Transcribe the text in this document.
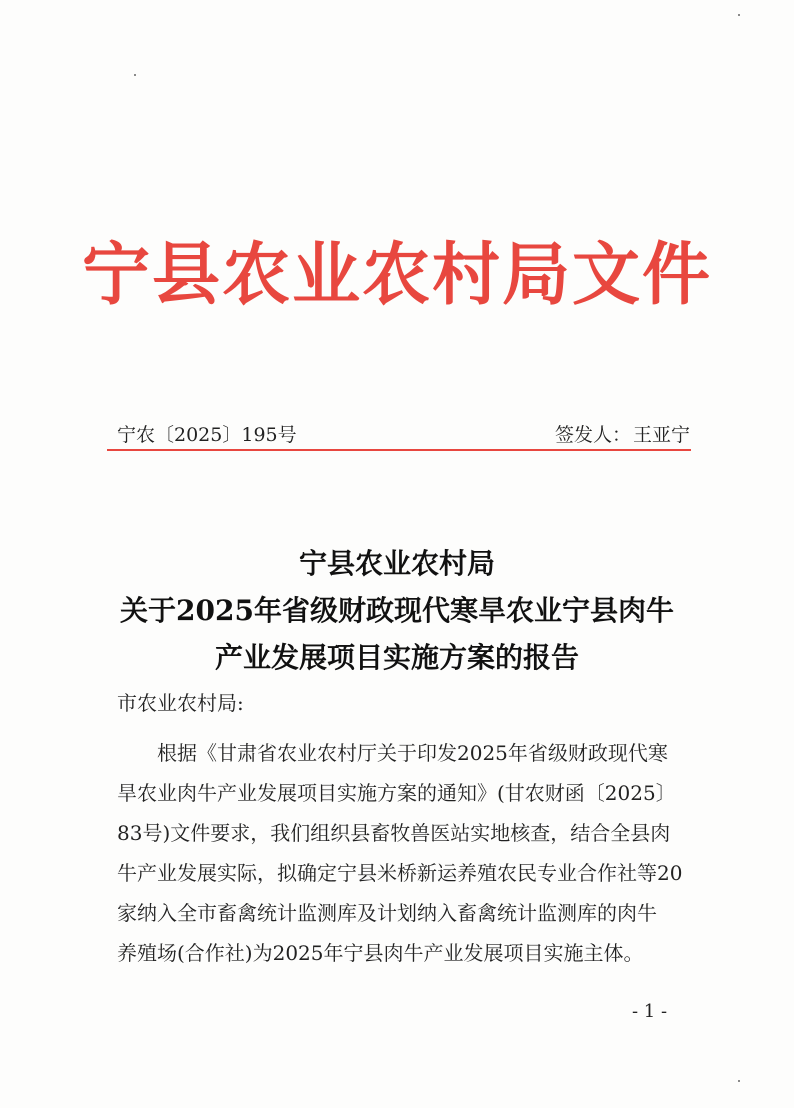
宁县农业农村局文件
宁农〔2025〕195号	签发人： 王亚宁
宁县农业农村局
关于2025年省级财政现代寒旱农业宁县肉牛
产业发展项目实施方案的报告
市农业农村局:
根据《甘肃省农业农村厅关于印发2025年省级财政现代寒
旱农业肉牛产业发展项目实施方案的通知》(甘农财函〔2025〕
83号)文件要求，我们组织县畜牧兽医站实地核查，结合全县肉
牛产业发展实际，拟确定宁县米桥新运养殖农民专业合作社等20
家纳入全市畜禽统计监测库及计划纳入畜禽统计监测库的肉牛
养殖场(合作社)为2025年宁县肉牛产业发展项目实施主体。
- 1 -
